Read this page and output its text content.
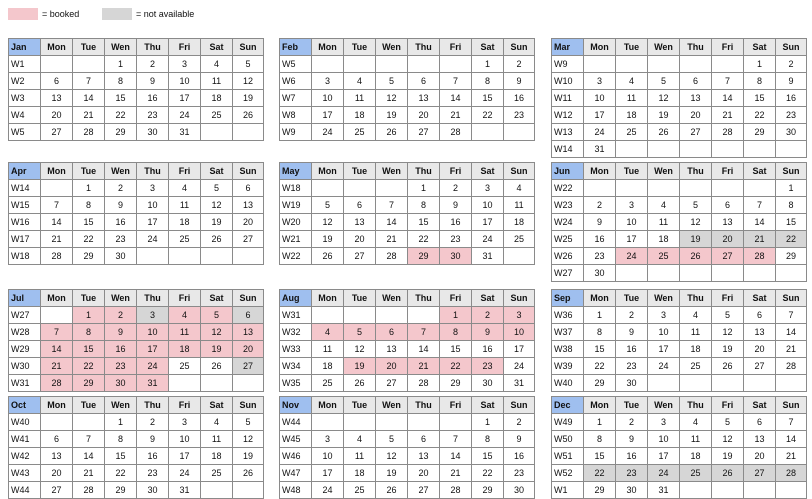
= booked	= not available
Jan	Mon	Tue	Wen	Thu	Fri	Sat	Sun
W1			1	2	3	4	5
W2	6	7	8	9	10	11	12
W3	13	14	15	16	17	18	19
W4	20	21	22	23	24	25	26
W5	27	28	29	30	31		
Feb	Mon	Tue	Wen	Thu	Fri	Sat	Sun
W5						1	2
W6	3	4	5	6	7	8	9
W7	10	11	12	13	14	15	16
W8	17	18	19	20	21	22	23
W9	24	25	26	27	28		
Mar	Mon	Tue	Wen	Thu	Fri	Sat	Sun
W9						1	2
W10	3	4	5	6	7	8	9
W11	10	11	12	13	14	15	16
W12	17	18	19	20	21	22	23
W13	24	25	26	27	28	29	30
W14	31						
Apr	Mon	Tue	Wen	Thu	Fri	Sat	Sun
W14		1	2	3	4	5	6
W15	7	8	9	10	11	12	13
W16	14	15	16	17	18	19	20
W17	21	22	23	24	25	26	27
W18	28	29	30				
May	Mon	Tue	Wen	Thu	Fri	Sat	Sun
W18				1	2	3	4
W19	5	6	7	8	9	10	11
W20	12	13	14	15	16	17	18
W21	19	20	21	22	23	24	25
W22	26	27	28	29	30	31	
Jun	Mon	Tue	Wen	Thu	Fri	Sat	Sun
W22							1
W23	2	3	4	5	6	7	8
W24	9	10	11	12	13	14	15
W25	16	17	18	19	20	21	22
W26	23	24	25	26	27	28	29
W27	30						
Jul	Mon	Tue	Wen	Thu	Fri	Sat	Sun
W27		1	2	3	4	5	6
W28	7	8	9	10	11	12	13
W29	14	15	16	17	18	19	20
W30	21	22	23	24	25	26	27
W31	28	29	30	31			
Aug	Mon	Tue	Wen	Thu	Fri	Sat	Sun
W31					1	2	3
W32	4	5	6	7	8	9	10
W33	11	12	13	14	15	16	17
W34	18	19	20	21	22	23	24
W35	25	26	27	28	29	30	31
Sep	Mon	Tue	Wen	Thu	Fri	Sat	Sun
W36	1	2	3	4	5	6	7
W37	8	9	10	11	12	13	14
W38	15	16	17	18	19	20	21
W39	22	23	24	25	26	27	28
W40	29	30					
Oct	Mon	Tue	Wen	Thu	Fri	Sat	Sun
W40			1	2	3	4	5
W41	6	7	8	9	10	11	12
W42	13	14	15	16	17	18	19
W43	20	21	22	23	24	25	26
W44	27	28	29	30	31		
Nov	Mon	Tue	Wen	Thu	Fri	Sat	Sun
W44						1	2
W45	3	4	5	6	7	8	9
W46	10	11	12	13	14	15	16
W47	17	18	19	20	21	22	23
W48	24	25	26	27	28	29	30
Dec	Mon	Tue	Wen	Thu	Fri	Sat	Sun
W49	1	2	3	4	5	6	7
W50	8	9	10	11	12	13	14
W51	15	16	17	18	19	20	21
W52	22	23	24	25	26	27	28
W1	29	30	31				
